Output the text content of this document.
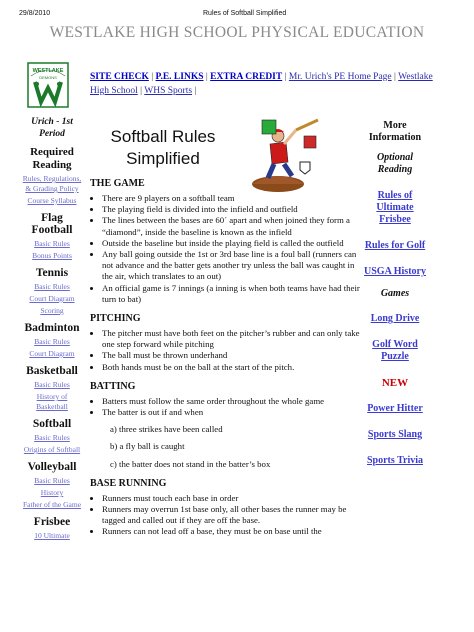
29/8/2010	Rules of Softball Simplified
WESTLAKE HIGH SCHOOL PHYSICAL EDUCATION
WESTLAKE
DEMONS	SITE CHECK | P.E. LINKS | EXTRA CREDIT | Mr. Urich's PE Home Page | Westlake High School | WHS Sports |
Urich - 1st Period
Required Reading
Rules, Regulations, & Grading Policy
Course Syllabus
Flag Football
Basic Rules
Bonus Points
Tennis
Basic Rules
Court Diagram
Scoring
Badminton
Basic Rules
Court Diagram
Basketball
Basic Rules
History of Basketball
Softball
Basic Rules
Origins of Softball
Volleyball
Basic Rules
History
Father of the Game
Frisbee
10 Ultimate
Softball Rules Simplified
THE GAME
• There are 9 players on a softball team
• The playing field is divided into the infield and outfield
• The lines between the bases are 60´ apart and when joined they form a “diamond”, inside the baseline is known as the infield
• Outside the baseline but inside the playing field is called the outfield
• Any ball going outside the 1st or 3rd base line is a foul ball (runners can not advance and the batter gets another try unless the ball was caught in the air, which translates to an out)
• An official game is 7 innings (a inning is when both teams have had their turn to bat)
PITCHING
• The pitcher must have both feet on the pitcher’s rubber and can only take one step forward while pitching
• The ball must be thrown underhand
• Both hands must be on the ball at the start of the pitch.
BATTING
• Batters must follow the same order throughout the whole game
• The batter is out if and when
a) three strikes have been called
b) a fly ball is caught
c) the batter does not stand in the batter’s box
BASE RUNNING
• Runners must touch each base in order
• Runners may overrun 1st base only, all other bases the runner may be tagged and called out if they are off the base.
• Runners can not lead off a base, they must be on base until the
More Information
Optional Reading
Rules of Ultimate Frisbee
Rules for Golf
USGA History
Games
Long Drive
Golf Word Puzzle
NEW
Power Hitter
Sports Slang
Sports Trivia
